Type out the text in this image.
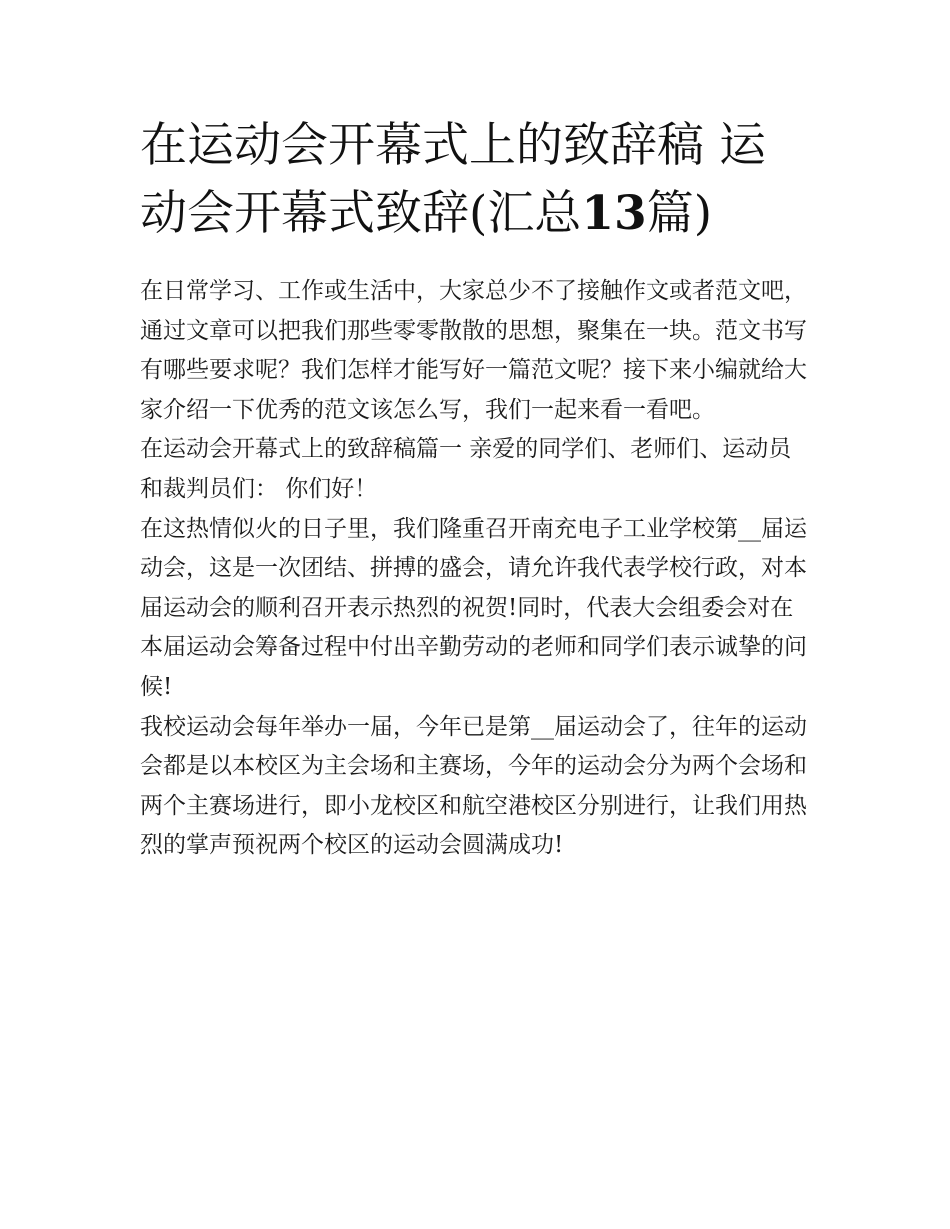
在运动会开幕式上的致辞稿 运动会开幕式致辞(汇总13篇)

在日常学习、工作或生活中，大家总少不了接触作文或者范文吧，通过文章可以把我们那些零零散散的思想，聚集在一块。范文书写有哪些要求呢？我们怎样才能写好一篇范文呢？接下来小编就给大家介绍一下优秀的范文该怎么写，我们一起来看一看吧。

在运动会开幕式上的致辞稿篇一 亲爱的同学们、老师们、运动员和裁判员们： 你们好！

在这热情似火的日子里，我们隆重召开南充电子工业学校第__届运动会，这是一次团结、拼搏的盛会，请允许我代表学校行政，对本届运动会的顺利召开表示热烈的祝贺!同时，代表大会组委会对在本届运动会筹备过程中付出辛勤劳动的老师和同学们表示诚挚的问候!

我校运动会每年举办一届，今年已是第__届运动会了，往年的运动会都是以本校区为主会场和主赛场，今年的运动会分为两个会场和两个主赛场进行，即小龙校区和航空港校区分别进行，让我们用热烈的掌声预祝两个校区的运动会圆满成功!
